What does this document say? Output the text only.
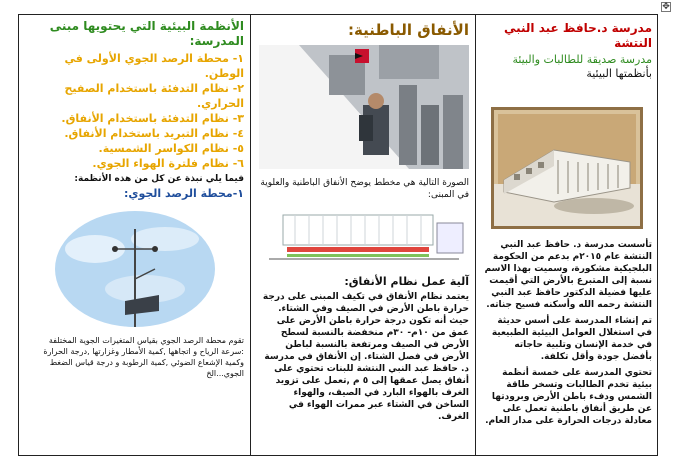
✥
مدرسة د.حافظ عبد النبي النتشة
مدرسة صديقة للطالبات والبيئة
بأنظمتها البيئية

تأسست مدرسة د. حافظ عبد النبي النتشة عام ٢٠١٥م بدعم من الحكومة البلجيكية مشكورة، وسميت بهذا الاسم نسبة إلى المتبرع بالأرض التي أقيمت عليها فضيلة الدكتور حافظ عبد النبي النتشة رحمه الله وأسكنه فسيح جناته.

تم إنشاء المدرسة على أسس حديثة في استغلال العوامل البيئية الطبيعية في خدمة الإنسان وتلبية حاجاته بأفضل جودة وأقل تكلفة.

تحتوي المدرسة على خمسة أنظمة بيئية تخدم الطالبات وتسخر طاقة الشمس ودفء باطن الأرض وبرودتها عن طريق أنفاق باطنية تعمل على معادلة درجات الحرارة على مدار العام.

الأنفاق الباطنية:
الصورة التالية هي مخطط يوضح الأنفاق الباطنية والعلوية في المبنى:
آلية عمل نظام الأنفاق:
يعتمد نظام الأنفاق في تكيف المبنى على درجة حرارة باطن الأرض في الصيف وفي الشتاء. حيث أنه تكون درجة حرارة باطن الأرض على عمق من ١٠م- ٣٠م منخفضة بالنسبة لسطح الأرض في الصيف ومرتفعة بالنسبة لباطن الأرض في فصل الشتاء. إن الأنفاق في مدرسة د. حافظ عبد النبي النتشة للبنات تحتوي على أنفاق يصل عمقها إلى ٥ م ,تعمل على تزويد الغرف بالهواء البارد في الصيف، والهواء الساخن في الشتاء عبر ممرات الهواء في الغرف.
الأنظمة البيئية التي يحتويها مبنى المدرسة:
١- محطة الرصد الجوي الأولى في الوطن.
٢- نظام التدفئة باستخدام الصفيح الحراري.
٣- نظام التدفئة باستخدام الأنفاق.
٤- نظام التبريد باستخدام الأنفاق.
٥- نظام الكواسر الشمسية.
٦- نظام فلترة الهواء الجوي.
فيما يلي نبذة عن كل من هذه الأنظمة:
١-محطة الرصد الجوي:
تقوم محطة الرصد الجوي بقياس المتغيرات الجوية المختلفة :سرعة الرياح و اتجاهها ,كمية الأمطار وغزارتها ,درجة الحرارة وكمية الإشعاع الضوئي ,كمية الرطوبة و درجة قياس الضغط الجوي...الخ
